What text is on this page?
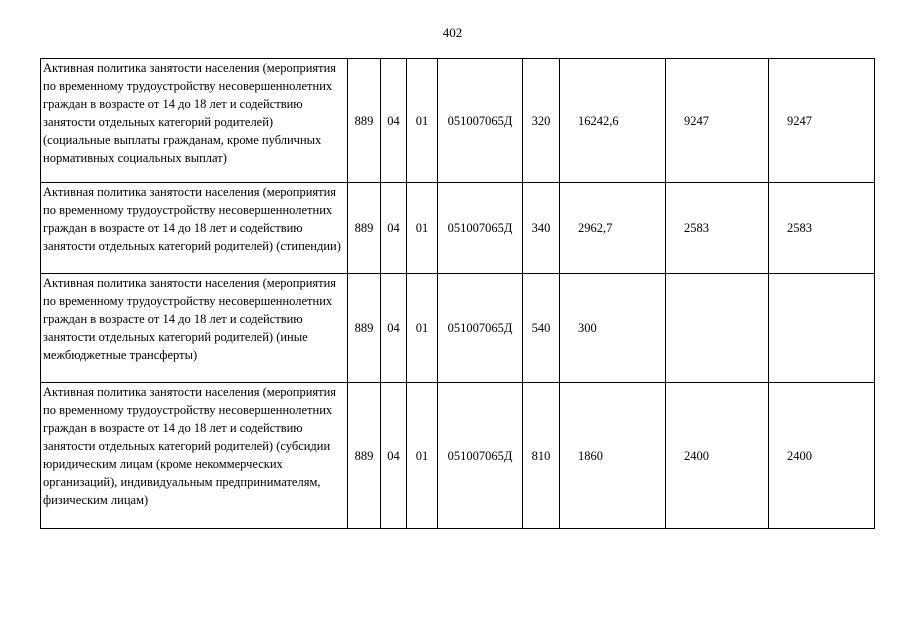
402
Активная политика занятости населения (мероприятия по временному трудоустройству несовершеннолетних граждан в возрасте от 14 до 18 лет и содействию занятости отдельных категорий родителей) (социальные выплаты гражданам, кроме публичных нормативных социальных выплат)	889	04	01	051007065Д	320	16242,6	9247	9247
Активная политика занятости населения (мероприятия по временному трудоустройству несовершеннолетних граждан в возрасте от 14 до 18 лет и содействию занятости отдельных категорий родителей) (стипендии)	889	04	01	051007065Д	340	2962,7	2583	2583
Активная политика занятости населения (мероприятия по временному трудоустройству несовершеннолетних граждан в возрасте от 14 до 18 лет и содействию занятости отдельных категорий родителей) (иные межбюджетные трансферты)	889	04	01	051007065Д	540	300		
Активная политика занятости населения (мероприятия по временному трудоустройству несовершеннолетних граждан в возрасте от 14 до 18 лет и содействию занятости отдельных категорий родителей) (субсидии юридическим лицам (кроме некоммерческих организаций), индивидуальным предпринимателям, физическим лицам)	889	04	01	051007065Д	810	1860	2400	2400
